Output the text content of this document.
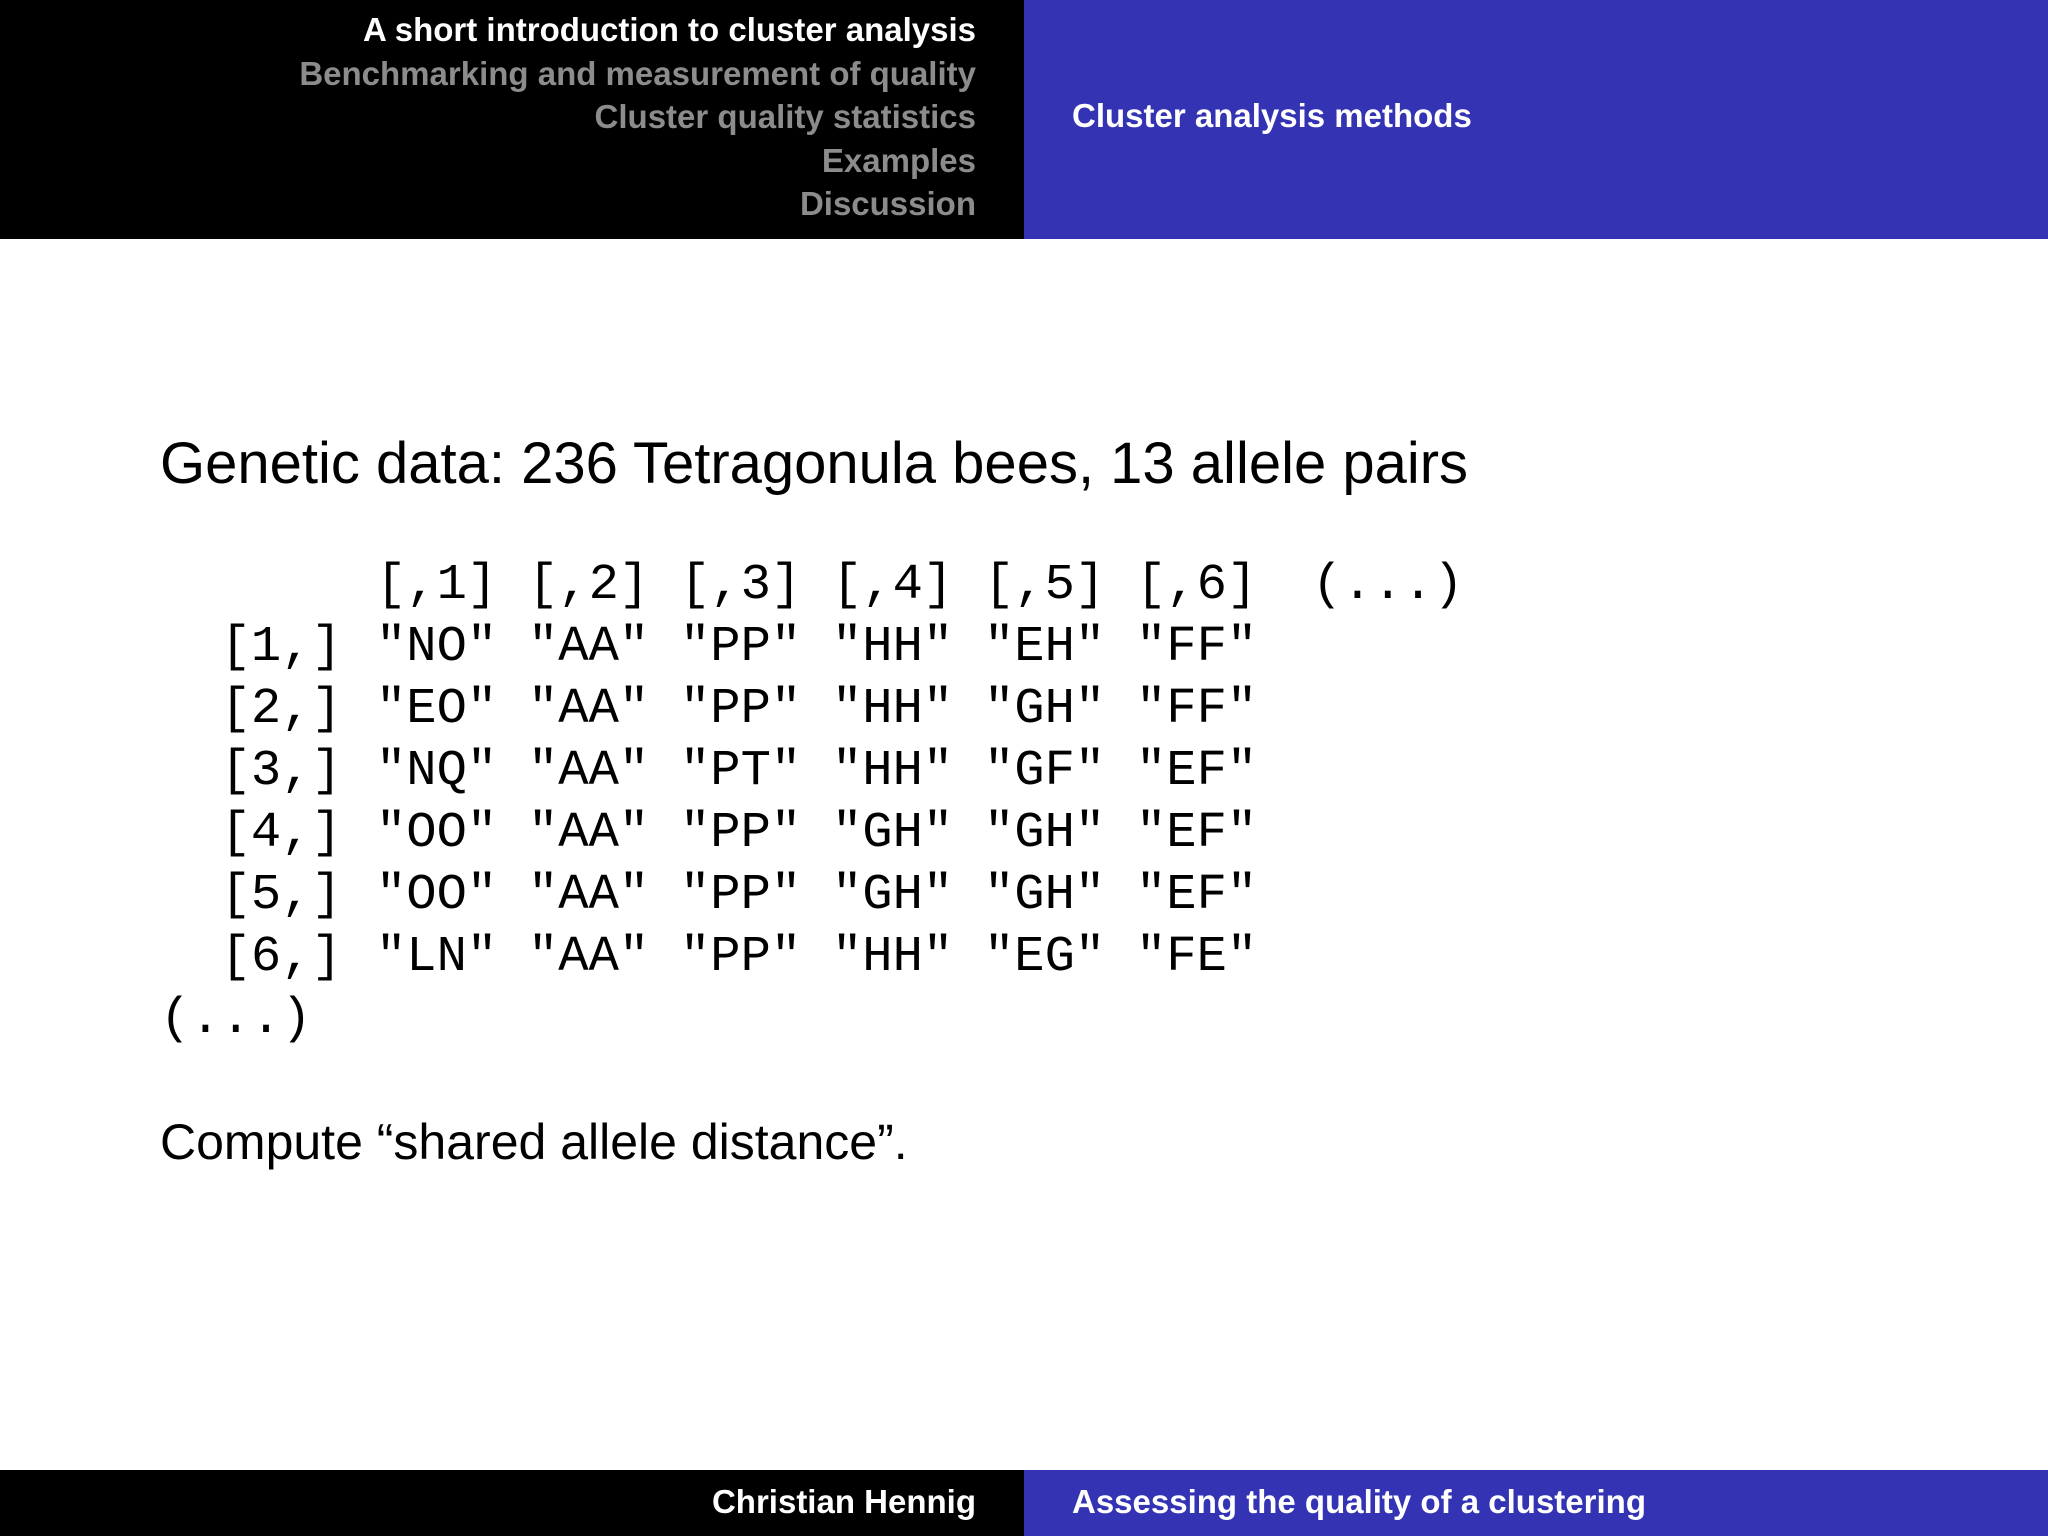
A short introduction to cluster analysis
Benchmarking and measurement of quality
Cluster quality statistics
Examples
Discussion
Cluster analysis methods
Genetic data: 236 Tetragonula bees, 13 allele pairs
[,1] [,2] [,3] [,4] [,5] [,6] (...)
[1,] "NO" "AA" "PP" "HH" "EH" "FF"
[2,] "EO" "AA" "PP" "HH" "GH" "FF"
[3,] "NQ" "AA" "PT" "HH" "GF" "EF"
[4,] "OO" "AA" "PP" "GH" "GH" "EF"
[5,] "OO" "AA" "PP" "GH" "GH" "EF"
[6,] "LN" "AA" "PP" "HH" "EG" "FE"
(...)
Compute “shared allele distance”.
Christian Hennig	Assessing the quality of a clustering
